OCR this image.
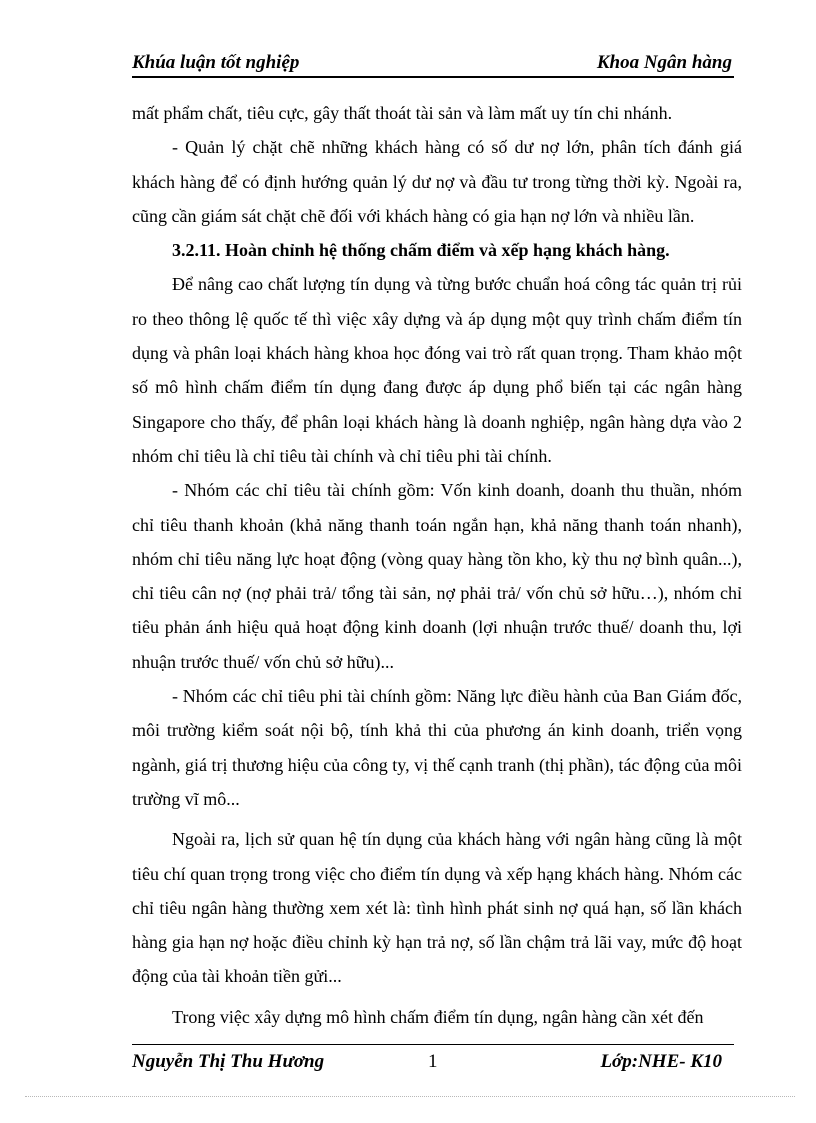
Khúa luận tốt nghiệp	Khoa Ngân hàng

mất phẩm chất, tiêu cực, gây thất thoát tài sản và làm mất uy tín chi nhánh.

- Quản lý chặt chẽ những khách hàng có số dư nợ lớn, phân tích đánh giá khách hàng để có định hướng quản lý dư nợ và đầu tư trong từng thời kỳ. Ngoài ra, cũng cần giám sát chặt chẽ đối với khách hàng có gia hạn nợ lớn và nhiều lần.

3.2.11. Hoàn chỉnh hệ thống chấm điểm và xếp hạng khách hàng.

Để nâng cao chất lượng tín dụng và từng bước chuẩn hoá công tác quản trị rủi ro theo thông lệ quốc tế thì việc xây dựng và áp dụng một quy trình chấm điểm tín dụng và phân loại khách hàng khoa học đóng vai trò rất quan trọng. Tham khảo một số mô hình chấm điểm tín dụng đang được áp dụng phổ biến tại các ngân hàng Singapore cho thấy, để phân loại khách hàng là doanh nghiệp, ngân hàng dựa vào 2 nhóm chỉ tiêu là chỉ tiêu tài chính và chỉ tiêu phi tài chính.

- Nhóm các chỉ tiêu tài chính gồm: Vốn kinh doanh, doanh thu thuần, nhóm chỉ tiêu thanh khoản (khả năng thanh toán ngắn hạn, khả năng thanh toán nhanh), nhóm chỉ tiêu năng lực hoạt động (vòng quay hàng tồn kho, kỳ thu nợ bình quân...), chỉ tiêu cân nợ (nợ phải trả/ tổng tài sản, nợ phải trả/ vốn chủ sở hữu…), nhóm chỉ tiêu phản ánh hiệu quả hoạt động kinh doanh (lợi nhuận trước thuế/ doanh thu, lợi nhuận trước thuế/ vốn chủ sở hữu)...

- Nhóm các chỉ tiêu phi tài chính gồm: Năng lực điều hành của Ban Giám đốc, môi trường kiểm soát nội bộ, tính khả thi của phương án kinh doanh, triển vọng ngành, giá trị thương hiệu của công ty, vị thế cạnh tranh (thị phần), tác động của môi trường vĩ mô...

Ngoài ra, lịch sử quan hệ tín dụng của khách hàng với ngân hàng cũng là một tiêu chí quan trọng trong việc cho điểm tín dụng và xếp hạng khách hàng. Nhóm các chỉ tiêu ngân hàng thường xem xét là: tình hình phát sinh nợ quá hạn, số lần khách hàng gia hạn nợ hoặc điều chỉnh kỳ hạn trả nợ, số lần chậm trả lãi vay, mức độ hoạt động của tài khoản tiền gửi...

Trong việc xây dựng mô hình chấm điểm tín dụng, ngân hàng cần xét đến

Nguyễn Thị Thu Hương	1	Lớp:NHE- K10
